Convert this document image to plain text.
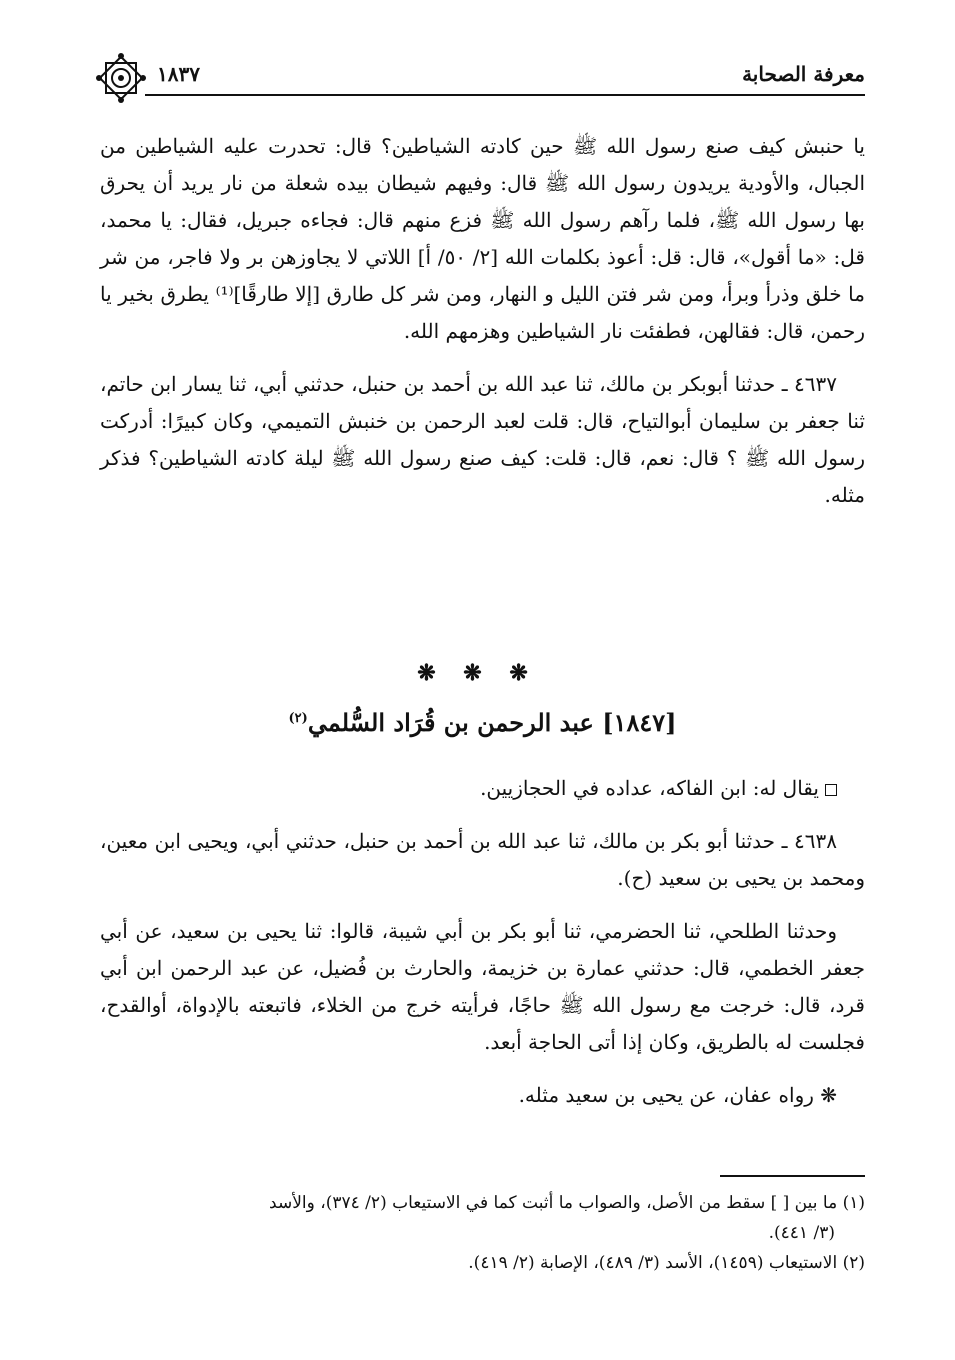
١٨٣٧	معرفة الصحابة

يا حنبش كيف صنع رسول الله ﷺ حين كادته الشياطين؟ قال: تحدرت عليه الشياطين من الجبال، والأودية يريدون رسول الله ﷺ قال: وفيهم شيطان بيده شعلة من نار يريد أن يحرق بها رسول الله ﷺ، فلما رآهم رسول الله ﷺ فزع منهم قال: فجاءه جبريل، فقال: يا محمد، قل: «ما أقول»، قال: قل: أعوذ بكلمات الله [٢/ ٥٠/ أ] اللاتي لا يجاوزهن بر ولا فاجر، من شر ما خلق وذرأ وبرأ، ومن شر فتن الليل و النهار، ومن شر كل طارق [إلا طارقًا]⁽¹⁾ يطرق بخير يا رحمن، قال: فقالهن، فطفئت نار الشياطين وهزمهم الله.

٤٦٣٧ ـ حدثنا أبوبكر بن مالك، ثنا عبد الله بن أحمد بن حنبل، حدثني أبي، ثنا يسار ابن حاتم، ثنا جعفر بن سليمان أبوالتياح، قال: قلت لعبد الرحمن بن خنبش التميمي، وكان كبيرًا: أدركت رسول الله ﷺ ؟ قال: نعم، قال: قلت: كيف صنع رسول الله ﷺ ليلة كادته الشياطين؟ فذكر مثله.

❋ ❋ ❋
[١٨٤٧] عبد الرحمن بن قُرَاد السُّلمي$^{(٢)}$

يقال له: ابن الفاكه، عداده في الحجازيين.

٤٦٣٨ ـ حدثنا أبو بكر بن مالك، ثنا عبد الله بن أحمد بن حنبل، حدثني أبي، ويحيى ابن معين، ومحمد بن يحيى بن سعيد (ح).

وحدثنا الطلحي، ثنا الحضرمي، ثنا أبو بكر بن أبي شيبة، قالوا: ثنا يحيى بن سعيد، عن أبي جعفر الخطمي، قال: حدثني عمارة بن خزيمة، والحارث بن فُضيل، عن عبد الرحمن ابن أبي قرد، قال: خرجت مع رسول الله ﷺ حاجًا، فرأيته خرج من الخلاء، فاتبعته بالإدواة، أوالقدح، فجلست له بالطريق، وكان إذا أتى الحاجة أبعد.

❋ رواه عفان، عن يحيى بن سعيد مثله.

(١) ما بين [ ] سقط من الأصل، والصواب ما أثبت كما في الاستيعاب (٢/ ٣٧٤)، والأسد

(٣/ ٤٤١).

(٢) الاستيعاب (١٤٥٩)، الأسد (٣/ ٤٨٩)، الإصابة (٢/ ٤١٩).
